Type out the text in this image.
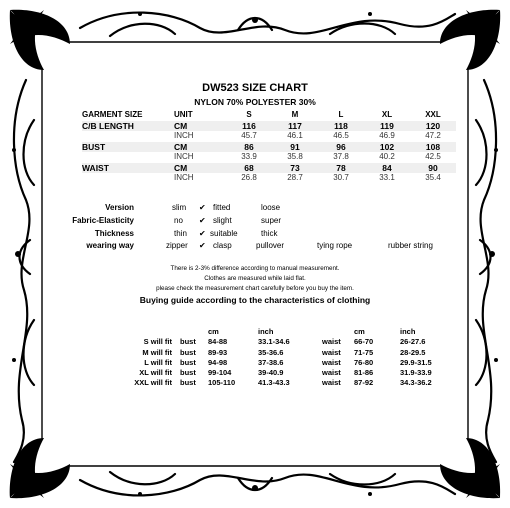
DW523 SIZE CHART
NYLON 70% POLYESTER 30%
GARMENT SIZE	UNIT	S	M	L	XL	XXL
C/B LENGTH	CM	116	117	118	119	120
	INCH	45.7	46.1	46.5	46.9	47.2
BUST	CM	86	91	96	102	108
	INCH	33.9	35.8	37.8	40.2	42.5
WAIST	CM	68	73	78	84	90
	INCH	26.8	28.7	30.7	33.1	35.4
Version	slim ✔ fitted	loose
Fabric-Elasticity	no ✔ slight	super
Thickness	thin ✔ suitable	thick
wearing way	zipper ✔ clasp	pullover	tying rope	rubber string
There is 2-3% difference according to manual measurement.
Clothes are measured while laid flat.
please check the measurement chart carefully before you buy the item.
Buying guide according to the characteristics of clothing
		cm	inch		cm	inch
S will fit	bust	84-88	33.1-34.6	waist	66-70	26-27.6
M will fit	bust	89-93	35-36.6	waist	71-75	28-29.5
L will fit	bust	94-98	37-38.6	waist	76-80	29.9-31.5
XL will fit	bust	99-104	39-40.9	waist	81-86	31.9-33.9
XXL will fit	bust	105-110	41.3-43.3	waist	87-92	34.3-36.2
